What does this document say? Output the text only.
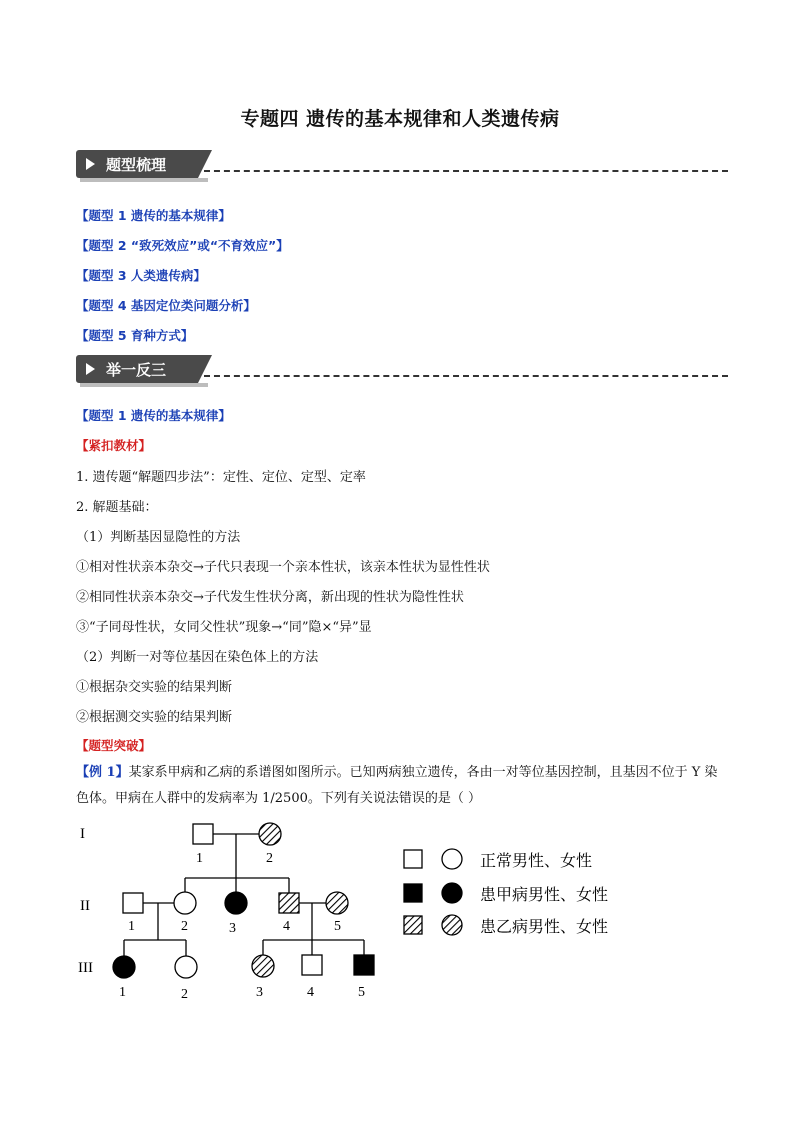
专题四 遗传的基本规律和人类遗传病
题型梳理
【题型 1 遗传的基本规律】
【题型 2 “致死效应”或“不育效应”】
【题型 3 人类遗传病】
【题型 4 基因定位类问题分析】
【题型 5 育种方式】
举一反三
【题型 1 遗传的基本规律】
【紧扣教材】
1. 遗传题“解题四步法”：定性、定位、定型、定率
2. 解题基础：
（1）判断基因显隐性的方法
①相对性状亲本杂交→子代只表现一个亲本性状，该亲本性状为显性性状
②相同性状亲本杂交→子代发生性状分离，新出现的性状为隐性性状
③“子同母性状，女同父性状”现象→“同”隐×“异”显
（2）判断一对等位基因在染色体上的方法
①根据杂交实验的结果判断
②根据测交实验的结果判断
【题型突破】
【例 1】某家系甲病和乙病的系谱图如图所示。已知两病独立遗传，各由一对等位基因控制，且基因不位于 Y 染色体。甲病在人群中的发病率为 1/2500。下列有关说法错误的是（ ）
I
II
III
1	2
1	2	3	4	5
1	2	3	4	5
正常男性、女性
患甲病男性、女性
患乙病男性、女性
